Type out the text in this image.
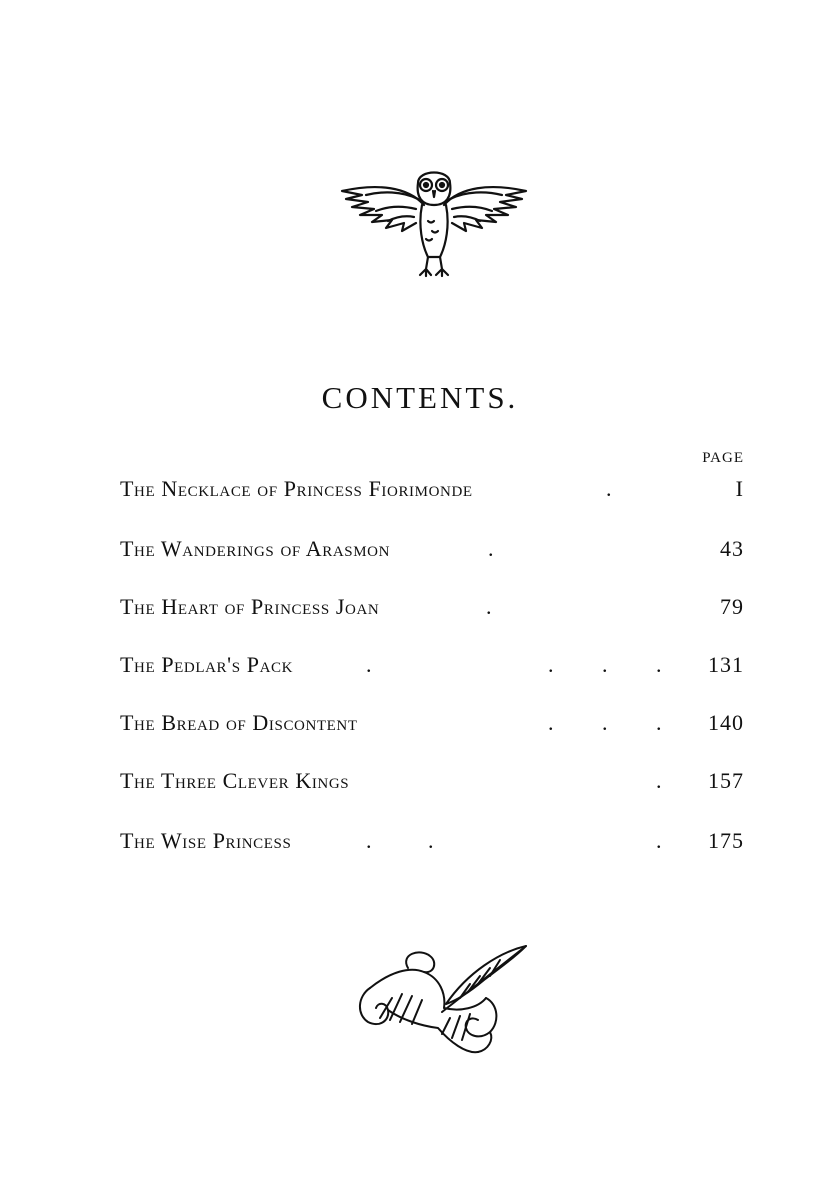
CONTENTS.
PAGE
The Necklace of Princess Fiorimonde	.	I
The Wanderings of Arasmon	.	43
The Heart of Princess Joan	.	79
The Pedlar's Pack	.	. . . 131
The Bread of Discontent	. . . 140
The Three Clever Kings	. 157
The Wise Princess	.	.	. 175
